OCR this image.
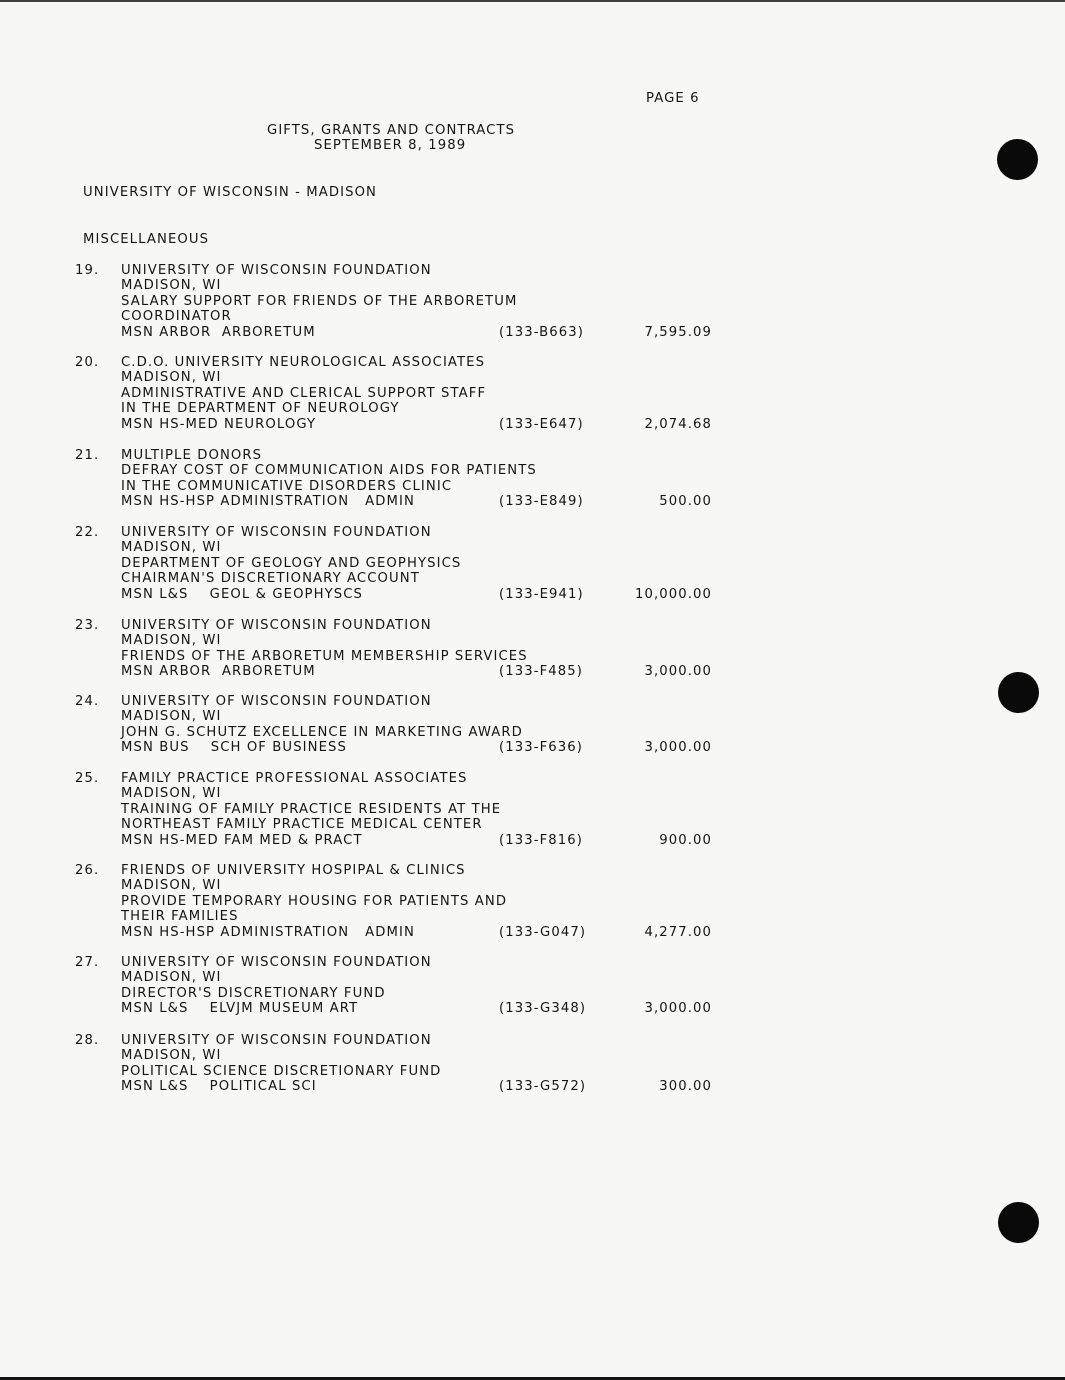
PAGE 6
GIFTS, GRANTS AND CONTRACTS
SEPTEMBER 8, 1989
UNIVERSITY OF WISCONSIN - MADISON
MISCELLANEOUS
19. UNIVERSITY OF WISCONSIN FOUNDATION
MADISON, WI
SALARY SUPPORT FOR FRIENDS OF THE ARBORETUM
COORDINATOR
MSN ARBOR  ARBORETUM	(133-B663)	7,595.09
20. C.D.O. UNIVERSITY NEUROLOGICAL ASSOCIATES
MADISON, WI
ADMINISTRATIVE AND CLERICAL SUPPORT STAFF
IN THE DEPARTMENT OF NEUROLOGY
MSN HS-MED NEUROLOGY	(133-E647)	2,074.68
21. MULTIPLE DONORS
DEFRAY COST OF COMMUNICATION AIDS FOR PATIENTS
IN THE COMMUNICATIVE DISORDERS CLINIC
MSN HS-HSP ADMINISTRATION   ADMIN	(133-E849)	500.00
22. UNIVERSITY OF WISCONSIN FOUNDATION
MADISON, WI
DEPARTMENT OF GEOLOGY AND GEOPHYSICS
CHAIRMAN'S DISCRETIONARY ACCOUNT
MSN L&S    GEOL & GEOPHYSCS	(133-E941)	10,000.00
23. UNIVERSITY OF WISCONSIN FOUNDATION
MADISON, WI
FRIENDS OF THE ARBORETUM MEMBERSHIP SERVICES
MSN ARBOR  ARBORETUM	(133-F485)	3,000.00
24. UNIVERSITY OF WISCONSIN FOUNDATION
MADISON, WI
JOHN G. SCHUTZ EXCELLENCE IN MARKETING AWARD
MSN BUS    SCH OF BUSINESS	(133-F636)	3,000.00
25. FAMILY PRACTICE PROFESSIONAL ASSOCIATES
MADISON, WI
TRAINING OF FAMILY PRACTICE RESIDENTS AT THE
NORTHEAST FAMILY PRACTICE MEDICAL CENTER
MSN HS-MED FAM MED & PRACT	(133-F816)	900.00
26. FRIENDS OF UNIVERSITY HOSPIPAL & CLINICS
MADISON, WI
PROVIDE TEMPORARY HOUSING FOR PATIENTS AND
THEIR FAMILIES
MSN HS-HSP ADMINISTRATION   ADMIN	(133-G047)	4,277.00
27. UNIVERSITY OF WISCONSIN FOUNDATION
MADISON, WI
DIRECTOR'S DISCRETIONARY FUND
MSN L&S    ELVJM MUSEUM ART	(133-G348)	3,000.00
28. UNIVERSITY OF WISCONSIN FOUNDATION
MADISON, WI
POLITICAL SCIENCE DISCRETIONARY FUND
MSN L&S    POLITICAL SCI	(133-G572)	300.00
